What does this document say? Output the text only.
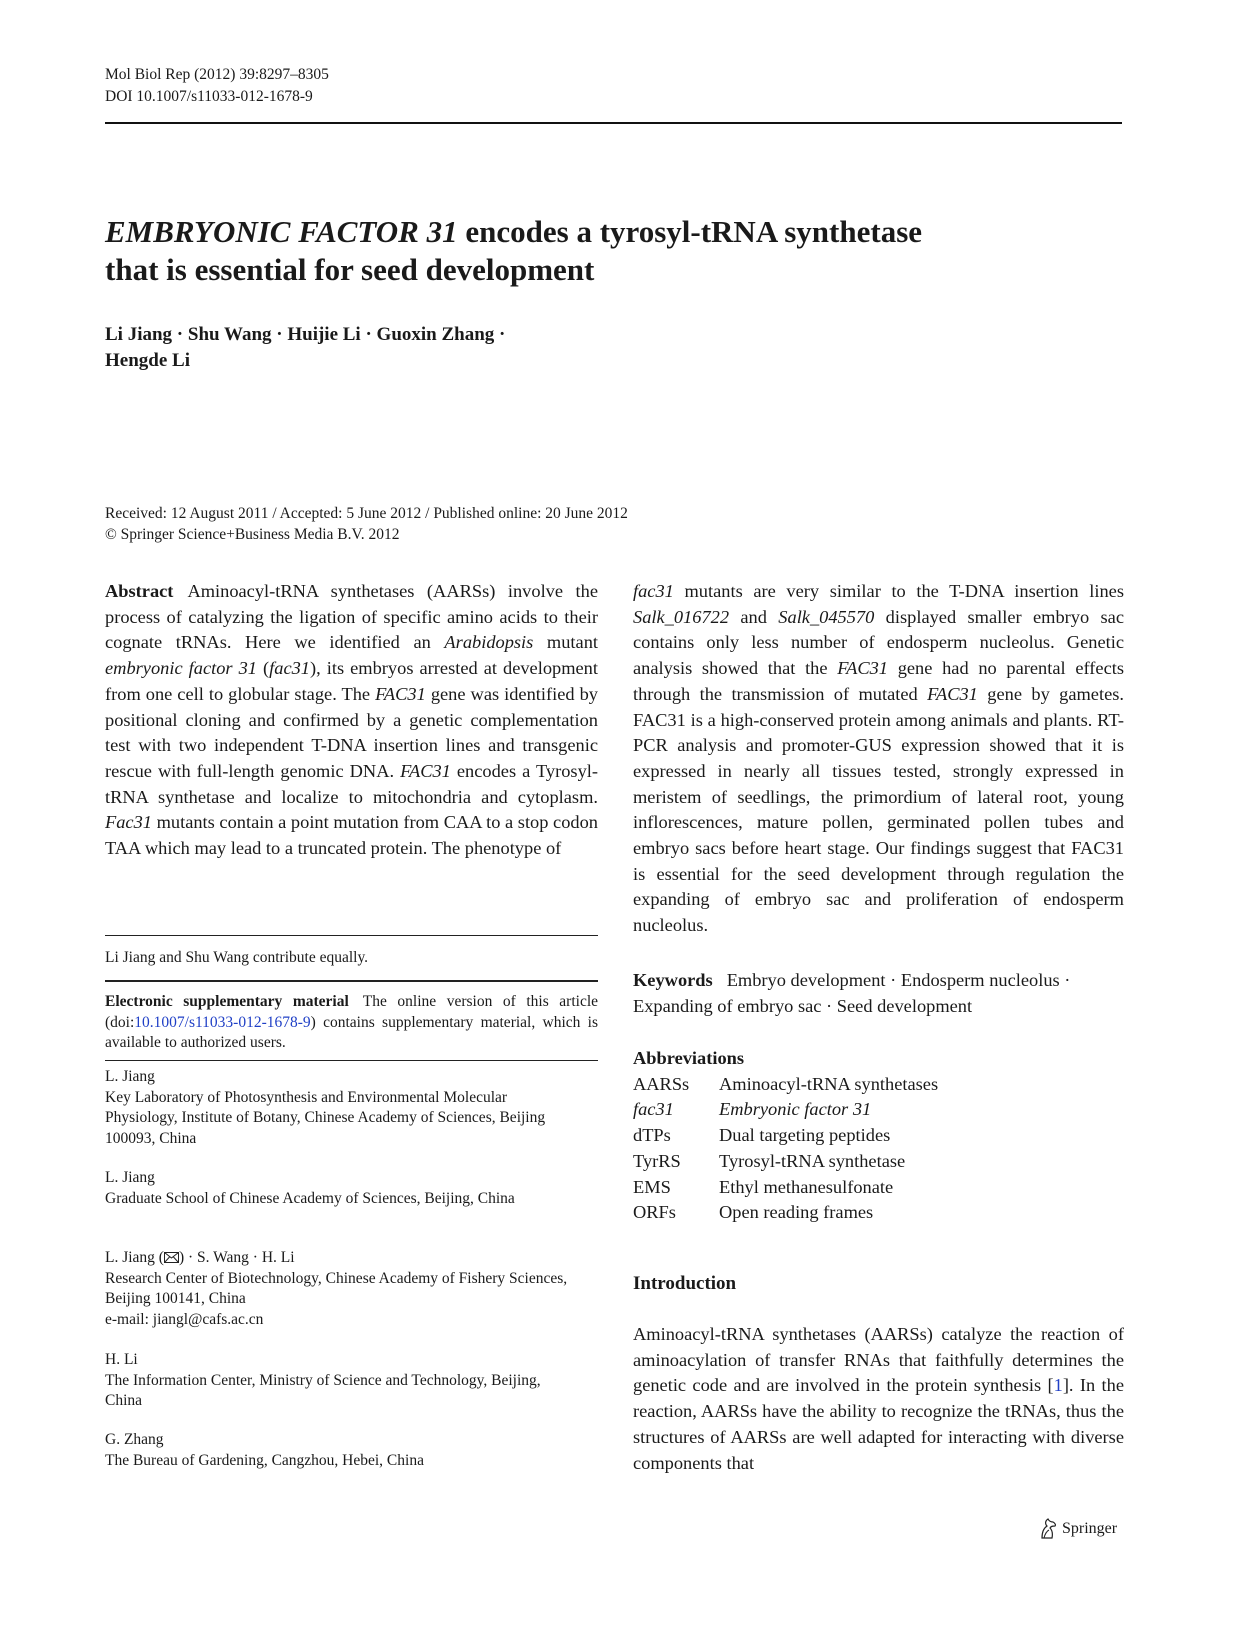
Mol Biol Rep (2012) 39:8297–8305
DOI 10.1007/s11033-012-1678-9
EMBRYONIC FACTOR 31 encodes a tyrosyl-tRNA synthetase
that is essential for seed development
Li Jiang · Shu Wang · Huijie Li · Guoxin Zhang ·
Hengde Li
Received: 12 August 2011 / Accepted: 5 June 2012 / Published online: 20 June 2012
© Springer Science+Business Media B.V. 2012
Abstract Aminoacyl-tRNA synthetases (AARSs) involve the process of catalyzing the ligation of specific amino acids to their cognate tRNAs. Here we identified an Arabidopsis mutant embryonic factor 31 (fac31), its embryos arrested at development from one cell to globular stage. The FAC31 gene was identified by positional cloning and confirmed by a genetic complementation test with two independent T-DNA insertion lines and transgenic rescue with full-length genomic DNA. FAC31 encodes a Tyrosyl-tRNA synthetase and localize to mitochondria and cytoplasm. Fac31 mutants contain a point mutation from CAA to a stop codon TAA which may lead to a truncated protein. The phenotype of
fac31 mutants are very similar to the T-DNA insertion lines Salk_016722 and Salk_045570 displayed smaller embryo sac contains only less number of endosperm nucleolus. Genetic analysis showed that the FAC31 gene had no parental effects through the transmission of mutated FAC31 gene by gametes. FAC31 is a high-conserved protein among animals and plants. RT-PCR analysis and promoter-GUS expression showed that it is expressed in nearly all tissues tested, strongly expressed in meristem of seedlings, the primordium of lateral root, young inflorescences, mature pollen, germinated pollen tubes and embryo sacs before heart stage. Our findings suggest that FAC31 is essential for the seed development through regulation the expanding of embryo sac and proliferation of endosperm nucleolus.
Li Jiang and Shu Wang contribute equally.
Electronic supplementary material The online version of this article (doi:10.1007/s11033-012-1678-9) contains supplementary material, which is available to authorized users.
L. Jiang
Key Laboratory of Photosynthesis and Environmental Molecular Physiology, Institute of Botany, Chinese Academy of Sciences, Beijing 100093, China
L. Jiang
Graduate School of Chinese Academy of Sciences, Beijing, China
L. Jiang ( ) · S. Wang · H. Li
Research Center of Biotechnology, Chinese Academy of Fishery Sciences, Beijing 100141, China
e-mail: jiangl@cafs.ac.cn
H. Li
The Information Center, Ministry of Science and Technology, Beijing, China
G. Zhang
The Bureau of Gardening, Cangzhou, Hebei, China
Keywords Embryo development · Endosperm nucleolus · Expanding of embryo sac · Seed development
Abbreviations
AARSs	Aminoacyl-tRNA synthetases
fac31	Embryonic factor 31
dTPs	Dual targeting peptides
TyrRS	Tyrosyl-tRNA synthetase
EMS	Ethyl methanesulfonate
ORFs	Open reading frames
Introduction
Aminoacyl-tRNA synthetases (AARSs) catalyze the reaction of aminoacylation of transfer RNAs that faithfully determines the genetic code and are involved in the protein synthesis [1]. In the reaction, AARSs have the ability to recognize the tRNAs, thus the structures of AARSs are well adapted for interacting with diverse components that
Springer
